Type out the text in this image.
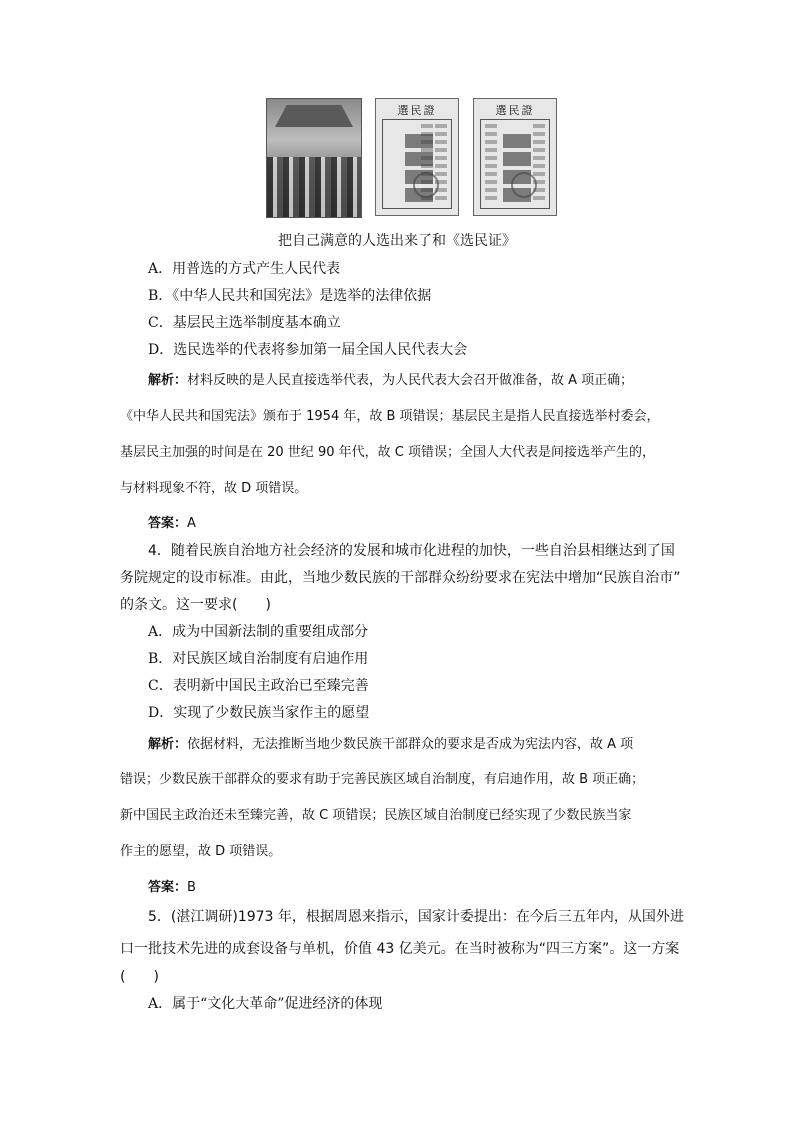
選民證	選民證
把自己满意的人选出来了和《选民证》
A．用普选的方式产生人民代表
B．《中华人民共和国宪法》是选举的法律依据
C．基层民主选举制度基本确立
D．选民选举的代表将参加第一届全国人民代表大会
解析：材料反映的是人民直接选举代表，为人民代表大会召开做准备，故 A 项正确；
《中华人民共和国宪法》颁布于 1954 年，故 B 项错误；基层民主是指人民直接选举村委会，
基层民主加强的时间是在 20 世纪 90 年代，故 C 项错误；全国人大代表是间接选举产生的，
与材料现象不符，故 D 项错误。
答案：A
4．随着民族自治地方社会经济的发展和城市化进程的加快，一些自治县相继达到了国
务院规定的设市标准。由此，当地少数民族的干部群众纷纷要求在宪法中增加“民族自治市”
的条文。这一要求(　　)
A．成为中国新法制的重要组成部分
B．对民族区域自治制度有启迪作用
C．表明新中国民主政治已至臻完善
D．实现了少数民族当家作主的愿望
解析：依据材料，无法推断当地少数民族干部群众的要求是否成为宪法内容，故 A 项
错误；少数民族干部群众的要求有助于完善民族区域自治制度，有启迪作用，故 B 项正确；
新中国民主政治还未至臻完善，故 C 项错误；民族区域自治制度已经实现了少数民族当家
作主的愿望，故 D 项错误。
答案：B
5．(湛江调研)1973 年，根据周恩来指示，国家计委提出：在今后三五年内，从国外进
口一批技术先进的成套设备与单机，价值 43 亿美元。在当时被称为“四三方案”。这一方案
(　　)
A．属于“文化大革命”促进经济的体现
